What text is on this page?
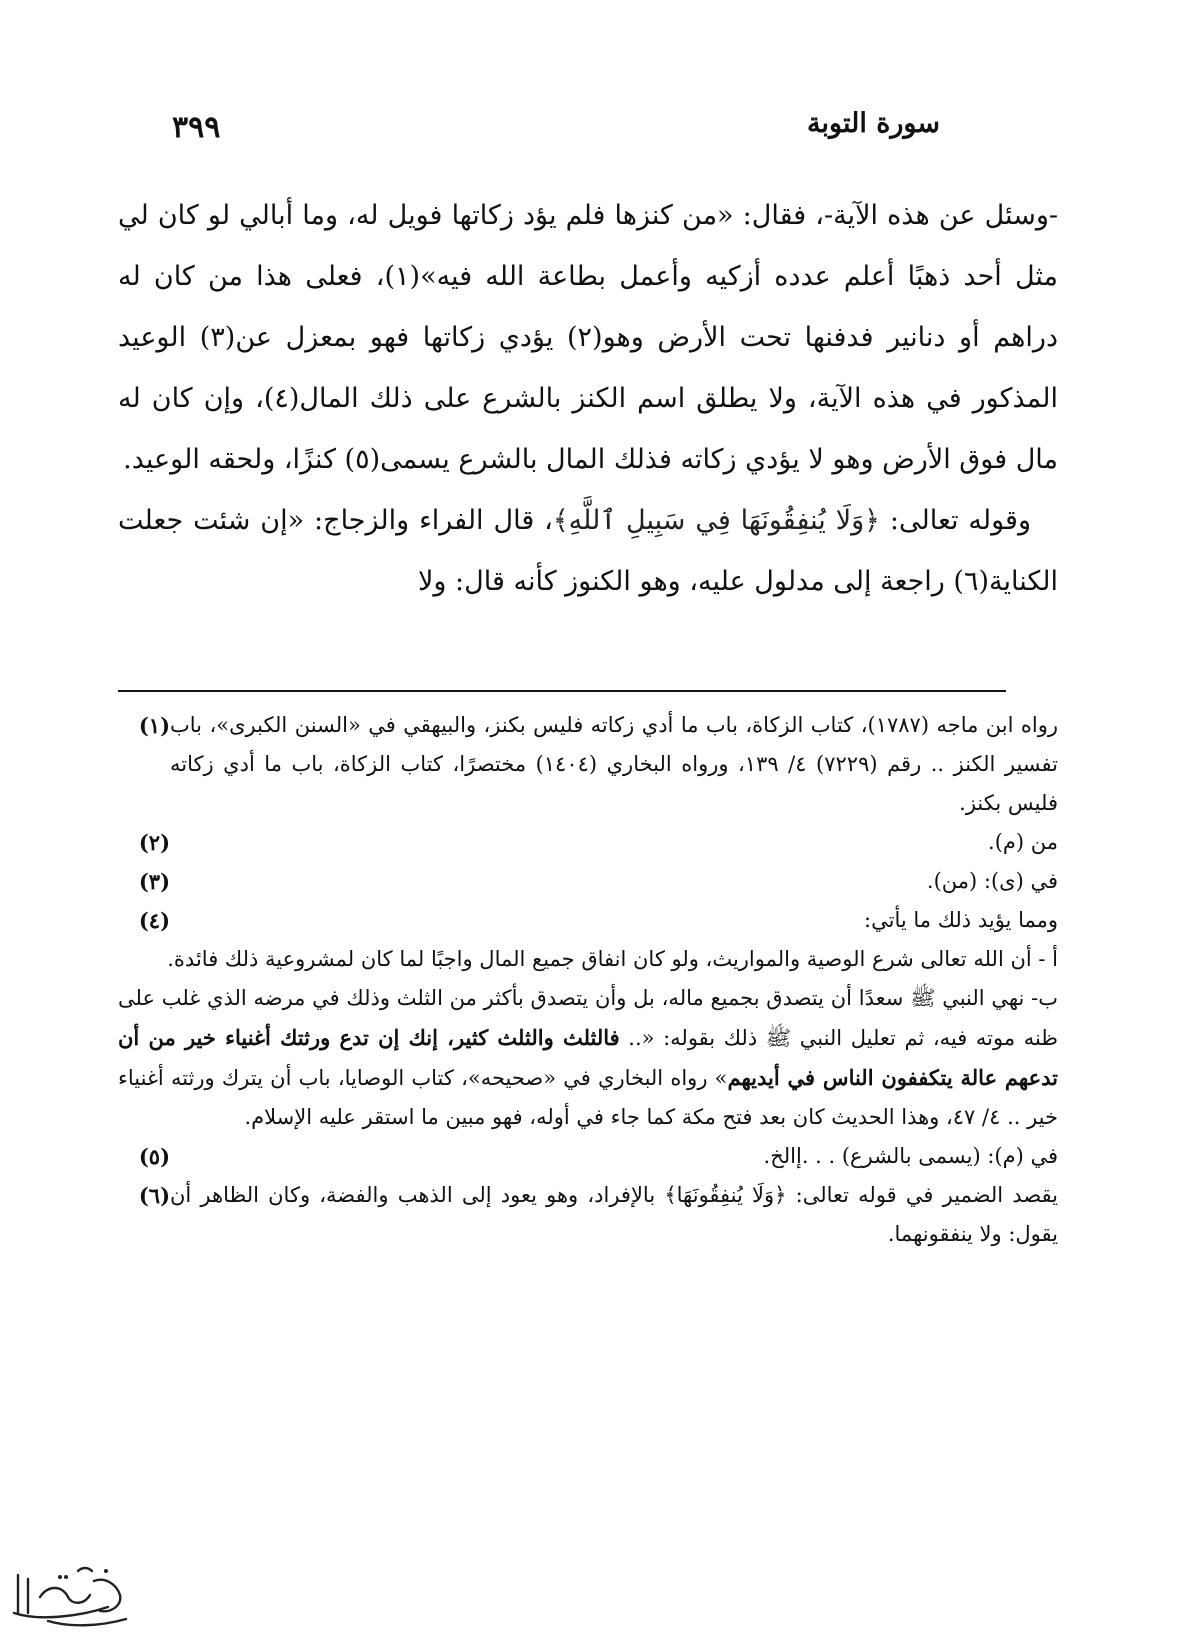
سورة التوبة
٣٩٩

-وسئل عن هذه الآية-، فقال: «من كنزها فلم يؤد زكاتها فويل له، وما أبالي لو كان لي مثل أحد ذهبًا أعلم عدده أزكيه وأعمل بطاعة الله فيه»(١)، فعلى هذا من كان له دراهم أو دنانير فدفنها تحت الأرض وهو(٢) يؤدي زكاتها فهو بمعزل عن(٣) الوعيد المذكور في هذه الآية، ولا يطلق اسم الكنز بالشرع على ذلك المال(٤)، وإن كان له مال فوق الأرض وهو لا يؤدي زكاته فذلك المال بالشرع يسمى(٥) كنزًا، ولحقه الوعيد.

وقوله تعالى: ﴿وَلَا يُنفِقُونَهَا فِي سَبِيلِ ٱللَّهِ﴾، قال الفراء والزجاج: «إن شئت جعلت الكناية(٦) راجعة إلى مدلول عليه، وهو الكنوز كأنه قال: ولا

(١) رواه ابن ماجه (١٧٨٧)، كتاب الزكاة، باب ما أدي زكاته فليس بكنز، والبيهقي في «السنن الكبرى»، باب تفسير الكنز .. رقم (٧٢٢٩) ٤/ ١٣٩، ورواه البخاري (١٤٠٤) مختصرًا، كتاب الزكاة، باب ما أدي زكاته فليس بكنز.
(٢)	من (م).
(٣)	في (ى): (من).
(٤)	ومما يؤيد ذلك ما يأتي:
أ - أن الله تعالى شرع الوصية والمواريث، ولو كان انفاق جميع المال واجبًا لما كان لمشروعية ذلك فائدة.
ب- نهي النبي ﷺ سعدًا أن يتصدق بجميع ماله، بل وأن يتصدق بأكثر من الثلث وذلك في مرضه الذي غلب على ظنه موته فيه، ثم تعليل النبي ﷺ ذلك بقوله: «.. فالثلث والثلث كثير، إنك إن تدع ورثتك أغنياء خير من أن تدعهم عالة يتكففون الناس في أيديهم» رواه البخاري في «صحيحه»، كتاب الوصايا، باب أن يترك ورثته أغنياء خير .. ٤/ ٤٧، وهذا الحديث كان بعد فتح مكة كما جاء في أوله، فهو مبين ما استقر عليه الإسلام.
(٥)	في (م): (يسمى بالشرع) . . .إالخ.
(٦) يقصد الضمير في قوله تعالى: ﴿وَلَا يُنفِقُونَهَا﴾ بالإفراد، وهو يعود إلى الذهب والفضة، وكان الظاهر أن يقول: ولا ينفقونهما.
